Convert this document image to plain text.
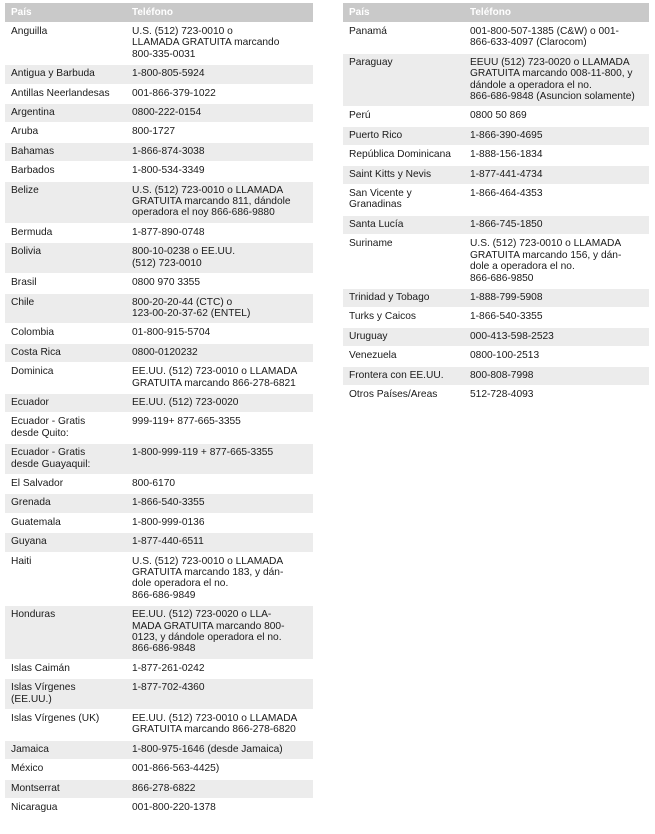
País	Teléfono
Anguilla	U.S. (512) 723-0010 o
LLAMADA GRATUITA marcando
800-335-0031
Antigua y Barbuda	1-800-805-5924
Antillas Neerlandesas	001-866-379-1022
Argentina	0800-222-0154
Aruba	800-1727
Bahamas	1-866-874-3038
Barbados	1-800-534-3349
Belize	U.S. (512) 723-0010 o LLAMADA
GRATUITA marcando 811, dándole
operadora el noy 866-686-9880
Bermuda	1-877-890-0748
Bolivia	800-10-0238 o EE.UU.
(512) 723-0010
Brasil	0800 970 3355
Chile	800-20-20-44 (CTC) o
123-00-20-37-62 (ENTEL)
Colombia	01-800-915-5704
Costa Rica	0800-0120232
Dominica	EE.UU. (512) 723-0010 o LLAMADA
GRATUITA marcando 866-278-6821
Ecuador	EE.UU. (512) 723-0020
Ecuador - Gratis
desde Quito:	999-119+ 877-665-3355
Ecuador - Gratis
desde Guayaquil:	1-800-999-119 + 877-665-3355
El Salvador	800-6170
Grenada	1-866-540-3355
Guatemala	1-800-999-0136
Guyana	1-877-440-6511
Haiti	U.S. (512) 723-0010 o LLAMADA
GRATUITA marcando 183, y dán-
dole operadora el no.
866-686-9849
Honduras	EE.UU. (512) 723-0020 o LLA-
MADA GRATUITA marcando 800-
0123, y dándole operadora el no.
866-686-9848
Islas Caimán	1-877-261-0242
Islas Vírgenes
(EE.UU.)	1-877-702-4360
Islas Vírgenes (UK)	EE.UU. (512) 723-0010 o LLAMADA
GRATUITA marcando 866-278-6820
Jamaica	1-800-975-1646 (desde Jamaica)
México	001-866-563-4425)
Montserrat	866-278-6822
Nicaragua	001-800-220-1378
País	Teléfono
Panamá	001-800-507-1385 (C&W) o 001-
866-633-4097 (Clarocom)
Paraguay	EEUU (512) 723-0020 o LLAMADA
GRATUITA marcando 008-11-800, y
dándole a operadora el no.
866-686-9848 (Asuncion solamente)
Perú	0800 50 869
Puerto Rico	1-866-390-4695
República Dominicana	1-888-156-1834
Saint Kitts y Nevis	1-877-441-4734
San Vicente y
Granadinas	1-866-464-4353
Santa Lucía	1-866-745-1850
Suriname	U.S. (512) 723-0010 o LLAMADA
GRATUITA marcando 156, y dán-
dole a operadora el no.
866-686-9850
Trinidad y Tobago	1-888-799-5908
Turks y Caicos	1-866-540-3355
Uruguay	000-413-598-2523
Venezuela	0800-100-2513
Frontera con EE.UU.	800-808-7998
Otros Países/Areas	512-728-4093
